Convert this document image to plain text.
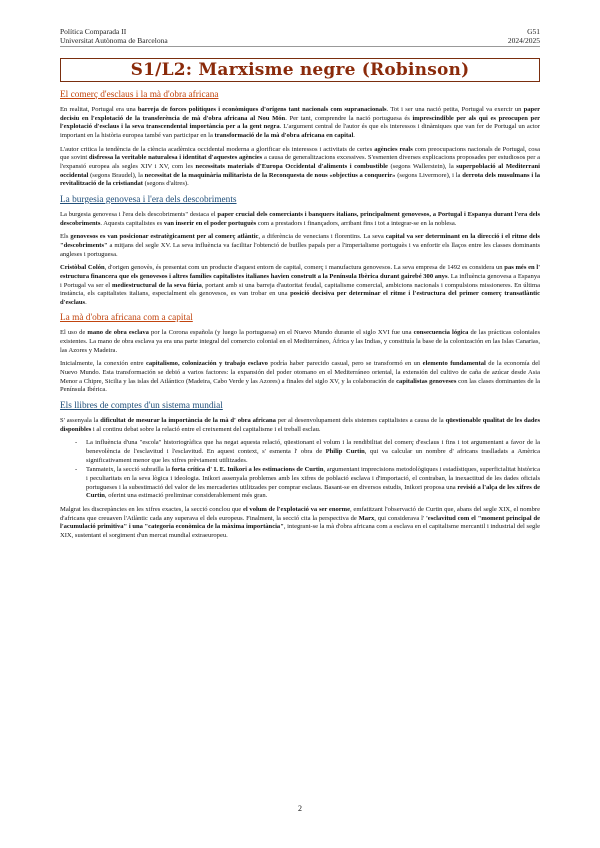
Política Comparada II
Universitat Autònoma de Barcelona
G51
2024/2025
S1/L2: Marxisme negre (Robinson)
El comerç d'esclaus i la mà d'obra africana

En realitat, Portugal era una barreja de forces polítiques i econòmiques d'orígens tant nacionals com supranacionals. Tot i ser una nació petita, Portugal va exercir un paper decisiu en l'explotació de la transferència de mà d'obra africana al Nou Món. Per tant, comprendre la nació portuguesa és imprescindible per als qui es preocupen per l'explotació d'esclaus i la seva transcendental importància per a la gent negra. L'argument central de l'autor és que els interessos i dinàmiques que van fer de Portugal un actor important en la història europea també van participar en la transformació de la mà d'obra africana en capital.

L'autor critica la tendència de la ciència acadèmica occidental moderna a glorificar els interessos i activitats de certes agències reals com preocupacions nacionals de Portugal, cosa que sovint disfressa la veritable naturalesa i identitat d'aquestes agències a causa de generalitzacions excessives. S'esmenten diverses explicacions proposades per estudiosos per a l'expansió europea als segles XIV i XV, com les necessitats materials d'Europa Occidental d'aliments i combustible (segons Wallerstein), la superpoblació al Mediterrani occidental (segons Braudel), la necessitat de la maquinària militarista de la Reconquesta de nous «objectius a conquerir» (segons Livermore), i la derrota dels musulmans i la revitalització de la cristiandat (segons d'altres).

La burgesia genovesa i l'era dels descobriments

La burgesia genovesa i l'era dels descobriments" destaca el paper crucial dels comerciants i banquers italians, principalment genovesos, a Portugal i Espanya durant l'era dels descobriments. Aquests capitalistes es van inserir en el poder portuguès com a prestadors i finançadors, arribant fins i tot a integrar-se en la noblesa.

Els genovesos es van posicionar estratègicament per al comerç atlàntic, a diferència de venecians i florentins. La seva capital va ser determinant en la direcció i el ritme dels "descobriments" a mitjans del segle XV. La seva influència va facilitar l'obtenció de butlles papals per a l'imperialisme portuguès i va enfortir els llaços entre les classes dominants angleses i portuguesa.

Cristòbal Colón, d'origen genovès, és presentat com un producte d'aquest entorn de capital, comerç i manufactura genovesos. La seva empresa de 1492 es considera un pas més en l' estructura financera que els genovesos i altres famílies capitalistes italianes havien construït a la Península Ibèrica durant gairebé 300 anys. La influència genovesa a Espanya i Portugal va ser el mediestructural de la seva fúria, portant amb si una barreja d'autoritat feudal, capitalisme comercial, ambicions nacionals i compulsions missioneres. En última instància, els capitalistes italians, especialment els genovesos, es van trobar en una posició decisiva per determinar el ritme i l'estructura del primer comerç transatlàntic d'esclaus.

La mà d'obra africana com a capital

El uso de mano de obra esclava por la Corona española (y luego la portuguesa) en el Nuevo Mundo durante el siglo XVI fue una consecuencia lógica de las prácticas coloniales existentes. La mano de obra esclava ya era una parte integral del comercio colonial en el Mediterráneo, África y las Indias, y constituía la base de la colonización en las Islas Canarias, las Azores y Madeira.

Inicialmente, la conexión entre capitalismo, colonización y trabajo esclavo podría haber parecido casual, pero se transformó en un elemento fundamental de la economía del Nuevo Mundo. Esta transformación se debió a varios factores: la expansión del poder otomano en el Mediterráneo oriental, la extensión del cultivo de caña de azúcar desde Asia Menor a Chipre, Sicilia y las islas del Atlántico (Madeira, Cabo Verde y las Azores) a finales del siglo XV, y la colaboración de capitalistas genoveses con las clases dominantes de la Península Ibérica.

Els llibres de comptes d'un sistema mundial

S' assenyala la dificultat de mesurar la importància de la mà d' obra africana per al desenvolupament dels sistemes capitalistes a causa de la qüestionable qualitat de les dades disponibles i al continu debat sobre la relació entre el creixement del capitalisme i el treball esclau.

- La influència d'una "escola" historiogràfica que ha negat aquesta relació, qüestionant el volum i la rendibilitat del comerç d'esclaus i fins i tot argumentant a favor de la benevolència de l'esclavitud i l'esclavitud. En aquest context, s' esmenta l' obra de Philip Curtin, qui va calcular un nombre d' africans traslladats a Amèrica significativament menor que les xifres prèviament utilitzades.
- Tanmateix, la secció subratlla la forta crítica d' I. E. Inikori a les estimacions de Curtin, argumentant imprecisions metodològiques i estadístiques, superficialitat històrica i peculiaritats en la seva lògica i ideologia. Inikori assenyala problemes amb les xifres de població esclava i d'importació, el contraban, la inexactitud de les dades oficials portugueses i la subestimació del valor de les mercaderies utilitzades per comprar esclaus. Basant-se en diversos estudis, Inikori proposa una revisió a l'alça de les xifres de Curtin, oferint una estimació preliminar considerablement més gran.

Malgrat les discrepàncies en les xifres exactes, la secció conclou que el volum de l'explotació va ser enorme, emfatitzant l'observació de Curtin que, abans del segle XIX, el nombre d'africans que creuaven l'Atlàntic cada any superava el dels europeus. Finalment, la secció cita la perspectiva de Marx, qui considerava l' 'esclavitud com el "moment principal de l'acumulació primitiva" i una "categoria econòmica de la màxima importància", integrant-se la mà d'obra africana com a esclava en el capitalisme mercantil i industrial del segle XIX, sustentant el sorgiment d'un mercat mundial extraeuropeu.

2
